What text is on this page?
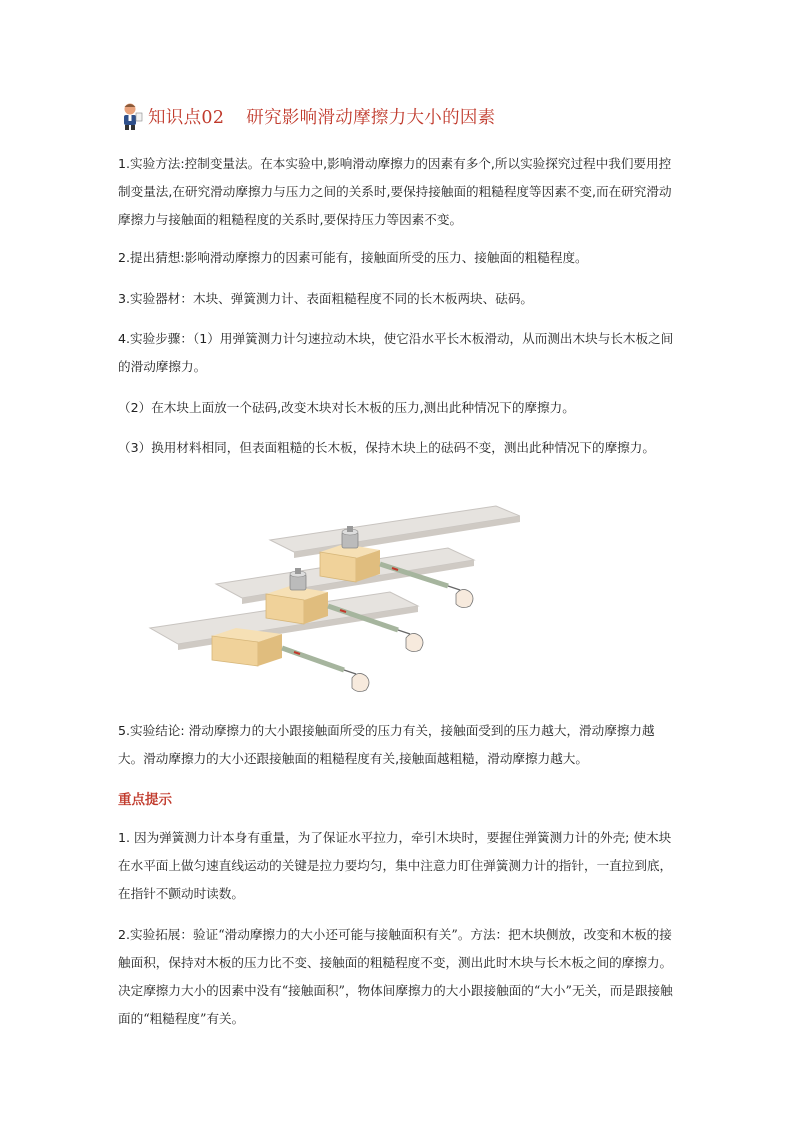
知识点02 研究影响滑动摩擦力大小的因素

1.实验方法:控制变量法。在本实验中,影响滑动摩擦力的因素有多个,所以实验探究过程中我们要用控制变量法,在研究滑动摩擦力与压力之间的关系时,要保持接触面的粗糙程度等因素不变,而在研究滑动摩擦力与接触面的粗糙程度的关系时,要保持压力等因素不变。

2.提出猜想:影响滑动摩擦力的因素可能有，接触面所受的压力、接触面的粗糙程度。

3.实验器材：木块、弹簧测力计、表面粗糙程度不同的长木板两块、砝码。

4.实验步骤：（1）用弹簧测力计匀速拉动木块，使它沿水平长木板滑动，从而测出木块与长木板之间的滑动摩擦力。

（2）在木块上面放一个砝码,改变木块对长木板的压力,测出此种情况下的摩擦力。

（3）换用材料相同，但表面粗糙的长木板，保持木块上的砝码不变，测出此种情况下的摩擦力。

5.实验结论: 滑动摩擦力的大小跟接触面所受的压力有关，接触面受到的压力越大，滑动摩擦力越大。滑动摩擦力的大小还跟接触面的粗糙程度有关,接触面越粗糙，滑动摩擦力越大。

重点提示

1. 因为弹簧测力计本身有重量，为了保证水平拉力，牵引木块时，要握住弹簧测力计的外壳; 使木块在水平面上做匀速直线运动的关键是拉力要均匀，集中注意力盯住弹簧测力计的指针，一直拉到底，在指针不颤动时读数。

2.实验拓展：验证“滑动摩擦力的大小还可能与接触面积有关”。方法：把木块侧放，改变和木板的接触面积，保持对木板的压力比不变、接触面的粗糙程度不变，测出此时木块与长木板之间的摩擦力。决定摩擦力大小的因素中没有“接触面积”，物体间摩擦力的大小跟接触面的“大小”无关，而是跟接触面的“粗糙程度”有关。
